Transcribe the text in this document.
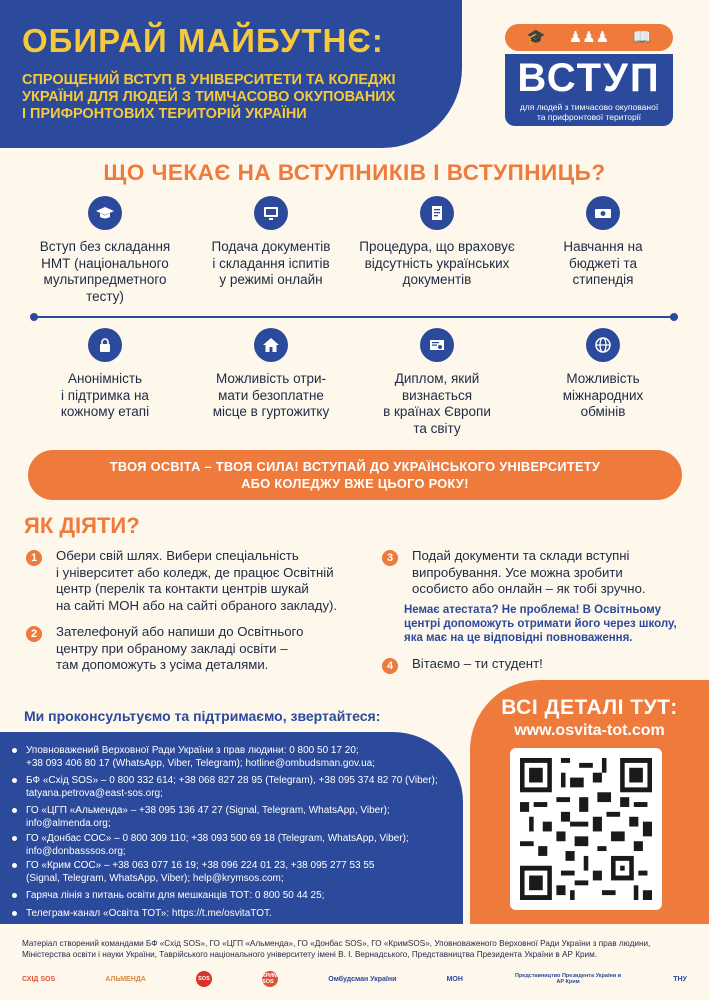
ОБИРАЙ МАЙБУТНЄ:
СПРОЩЕНИЙ ВСТУП В УНІВЕРСИТЕТИ ТА КОЛЕДЖІ
УКРАЇНИ ДЛЯ ЛЮДЕЙ З ТИМЧАСОВО ОКУПОВАНИХ
І ПРИФРОНТОВИХ ТЕРИТОРІЙ УКРАЇНИ
🎓 ♟♟♟ 📖
ВСТУП
для людей з тимчасово окупованої
та прифронтової території
ЩО ЧЕКАЄ НА ВСТУПНИКІВ І ВСТУПНИЦЬ?
Вступ без складання
НМТ (національного
мультипредметного
тесту)
Подача документів
і складання іспитів
у режимі онлайн
Процедура, що враховує
відсутність українських
документів
Навчання на
бюджеті та
стипендія
Анонімність
і підтримка на
кожному етапі
Можливість отри-
мати безоплатне
місце в гуртожитку
Диплом, який
визнається
в країнах Європи
та світу
Можливість
міжнародних
обмінів
ТВОЯ ОСВІТА – ТВОЯ СИЛА! ВСТУПАЙ ДО УКРАЇНСЬКОГО УНІВЕРСИТЕТУ
АБО КОЛЕДЖУ ВЖЕ ЦЬОГО РОКУ!
ЯК ДІЯТИ?
1	Обери свій шлях. Вибери спеціальність
і університет або коледж, де працює Освітній
центр (перелік та контакти центрів шукай
на сайті МОН або на сайті обраного закладу).
2	Зателефонуй або напиши до Освітнього
центру при обраному закладі освіти –
там допоможуть з усіма деталями.
3	Подай документи та склади вступні
випробування. Усе можна зробити
особисто або онлайн – як тобі зручно.
Немає атестата? Не проблема! В Освітньому
центрі допоможуть отримати його через школу,
яка має на це відповідні повноваження.
4	Вітаємо – ти студент!
Ми проконсультуємо та підтримаємо, звертайтеся:
Уповноважений Верховної Ради України з прав людини: 0 800 50 17 20;
+38 093 406 80 17 (WhatsApp, Viber, Telegram); hotline@ombudsman.gov.ua;
БФ «Схід SOS» – 0 800 332 614; +38 068 827 28 95 (Telegram), +38 095 374 82 70 (Viber);
tatyana.petrova@east-sos.org;
ГО «ЦГП «Альменда» – +38 095 136 47 27 (Signal, Telegram, WhatsApp, Viber);
info@almenda.org;
ГО «Донбас СОС» – 0 800 309 110; +38 093 500 69 18 (Telegram, WhatsApp, Viber);
info@donbasssos.org;
ГО «Крим СОС» – +38 063 077 16 19; +38 096 224 01 23, +38 095 277 53 55
(Signal, Telegram, WhatsApp, Viber); help@krymsos.com;
Гаряча лінія з питань освіти для мешканців ТОТ: 0 800 50 44 25;
Телеграм-канал «Освіта ТОТ»: https://t.me/osvitaTOT.
ВСІ ДЕТАЛІ ТУТ:
www.osvita-tot.com
Матеріал створений командами БФ «Схід SOS», ГО «ЦГП «Альменда», ГО «Донбас SOS», ГО «КримSOS», Уповноваженого Верховної Ради України з прав людини,
Міністерства освіти і науки України, Таврійського національного університету імені В. І. Вернадського, Представництва Президента України в АР Крим.
СХІД SOS	АЛЬМЕНДА	SOS	КРИМ SOS	Омбудсман України	МОН	Представництво Президента України в АР Крим	ТНУ
